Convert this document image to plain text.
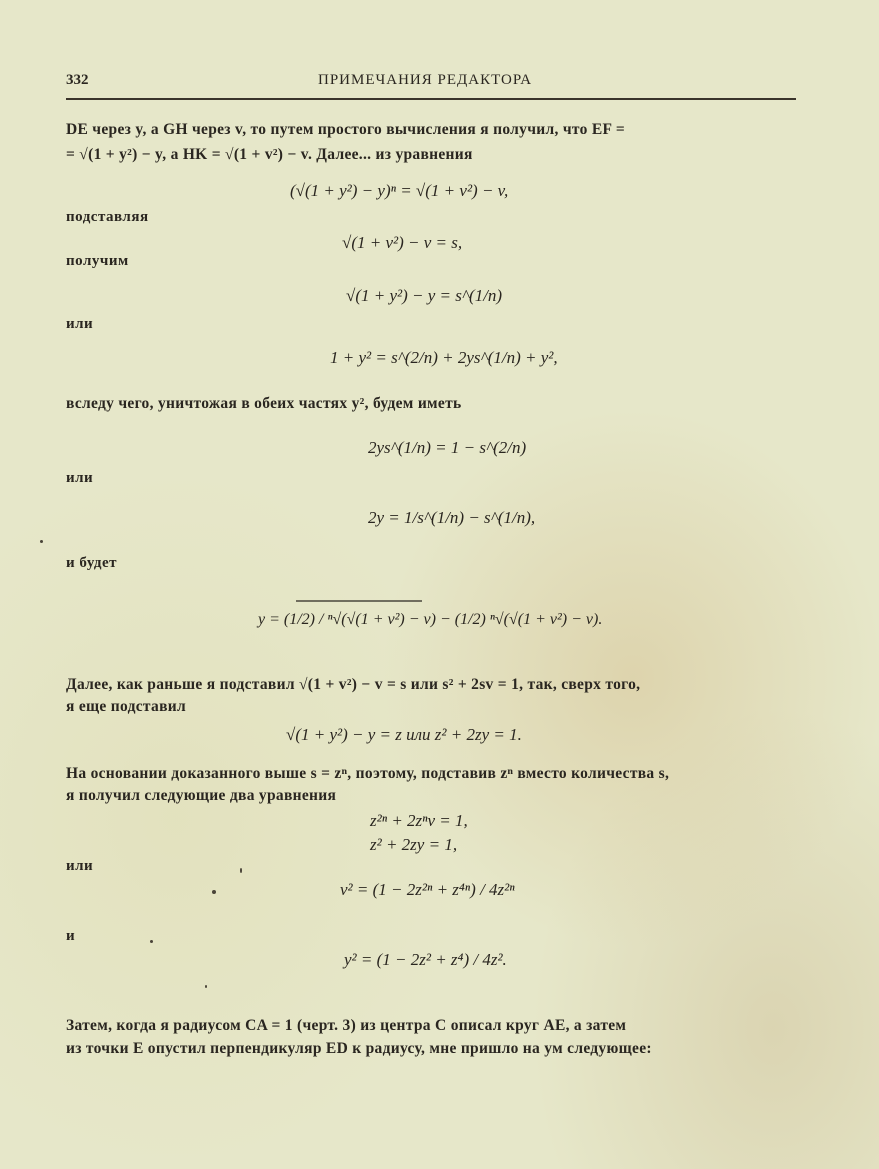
332	ПРИМЕЧАНИЯ РЕДАКТОРА
DE через y, а GH через v, то путем простого вычисления я получил, что EF =
= √(1 + y²) − y, а HK = √(1 + v²) − v. Далее... из уравнения
(√(1 + y²) − y)ⁿ = √(1 + v²) − v,
подставляя
√(1 + v²) − v = s,
получим
√(1 + y²) − y = s^(1/n)
или
1 + y² = s^(2/n) + 2ys^(1/n) + y²,
вследу чего, уничтожая в обеих частях y², будем иметь
2ys^(1/n) = 1 − s^(2/n)
или
2y = 1/s^(1/n) − s^(1/n),
и будет
y = (1/2) / ⁿ√(√(1 + v²) − v) − (1/2) ⁿ√(√(1 + v²) − v).
Далее, как раньше я подставил √(1 + v²) − v = s или s² + 2sv = 1, так, сверх того,
я еще подставил
√(1 + y²) − y = z или z² + 2zy = 1.
На основании доказанного выше s = zⁿ, поэтому, подставив zⁿ вместо количества s,
я получил следующие два уравнения
z²ⁿ + 2zⁿv = 1,
z² + 2zy = 1,
или
v² = (1 − 2z²ⁿ + z⁴ⁿ) / 4z²ⁿ
и
y² = (1 − 2z² + z⁴) / 4z².
Затем, когда я радиусом CA = 1 (черт. 3) из центра C описал круг AE, а затем
из точки E опустил перпендикуляр ED к радиусу, мне пришло на ум следующее:
